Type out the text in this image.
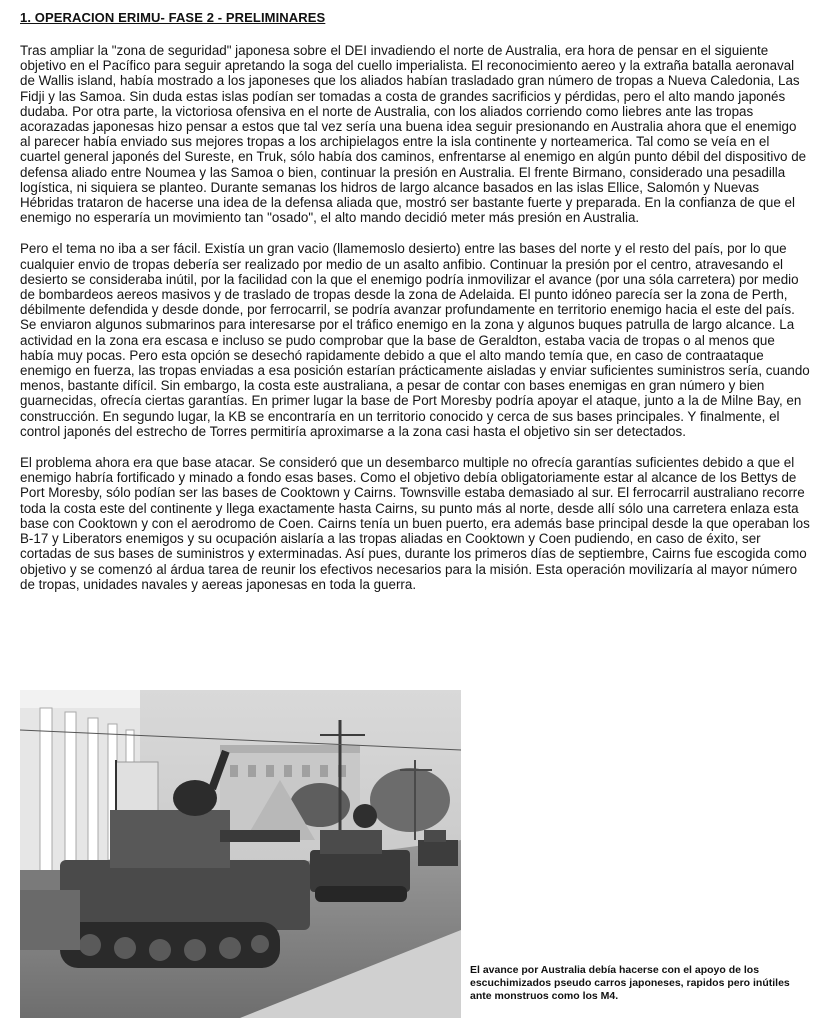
1. OPERACION ERIMU- FASE 2 - PRELIMINARES

Tras ampliar la "zona de seguridad" japonesa sobre el DEI invadiendo el norte de Australia, era hora de pensar en el siguiente objetivo en el Pacífico para seguir apretando la soga del cuello imperialista. El reconocimiento aereo y la extraña batalla aeronaval de Wallis island, había mostrado a los japoneses que los aliados habían trasladado gran número de tropas a Nueva Caledonia, Las Fidji y las Samoa. Sin duda estas islas podían ser tomadas a costa de grandes sacrificios y pérdidas, pero el alto mando japonés dudaba. Por otra parte, la victoriosa ofensiva en el norte de Australia, con los aliados corriendo como liebres ante las tropas acorazadas japonesas hizo pensar a estos que tal vez sería una buena idea seguir presionando en Australia ahora que el enemigo al parecer había enviado sus mejores tropas a los archipielagos entre la isla continente y norteamerica. Tal como se veía en el cuartel general japonés del Sureste, en Truk, sólo había dos caminos, enfrentarse al enemigo en algún punto débil del dispositivo de defensa aliado entre Noumea y las Samoa o bien, continuar la presión en Australia. El frente Birmano, considerado una pesadilla logística, ni siquiera se planteo. Durante semanas los hidros de largo alcance basados en las islas Ellice, Salomón y Nuevas Hébridas trataron de hacerse una idea de la defensa aliada que, mostró ser bastante fuerte y preparada. En la confianza de que el enemigo no esperaría un movimiento tan "osado", el alto mando decidió meter más presión en Australia.

Pero el tema no iba a ser fácil. Existía un gran vacio (llamemoslo desierto) entre las bases del norte y el resto del país, por lo que cualquier envio de tropas debería ser realizado por medio de un asalto anfibio. Continuar la presión por el centro, atravesando el desierto se consideraba inútil, por la facilidad con la que el enemigo podría inmovilizar el avance (por una sóla carretera) por medio de bombardeos aereos masivos y de traslado de tropas desde la zona de Adelaida. El punto idóneo parecía ser la zona de Perth, débilmente defendida y desde donde, por ferrocarril, se podría avanzar profundamente en territorio enemigo hacia el este del país. Se enviaron algunos submarinos para interesarse por el tráfico enemigo en la zona y algunos buques patrulla de largo alcance. La actividad en la zona era escasa e incluso se pudo comprobar que la base de Geraldton, estaba vacia de tropas o al menos que había muy pocas. Pero esta opción se desechó rapidamente debido a que el alto mando temía que, en caso de contraataque enemigo en fuerza, las tropas enviadas a esa posición estarían prácticamente aisladas y enviar suficientes suministros sería, cuando menos, bastante difícil. Sin embargo, la costa este australiana, a pesar de contar con bases enemigas en gran número y bien guarnecidas, ofrecía ciertas garantías. En primer lugar la base de Port Moresby podría apoyar el ataque, junto a la de Milne Bay, en construcción. En segundo lugar, la KB se encontraría en un territorio conocido y cerca de sus bases principales. Y finalmente, el control japonés del estrecho de Torres permitiría aproximarse a la zona casi hasta el objetivo sin ser detectados.

El problema ahora era que base atacar. Se consideró que un desembarco multiple no ofrecía garantías suficientes debido a que el enemigo habría fortificado y minado a fondo esas bases. Como el objetivo debía obligatoriamente estar al alcance de los Bettys de Port Moresby, sólo podían ser las bases de Cooktown y Cairns. Townsville estaba demasiado al sur. El ferrocarril australiano recorre toda la costa este del continente y llega exactamente hasta Cairns, su punto más al norte, desde allí sólo una carretera enlaza esta base con Cooktown y con el aerodromo de Coen. Cairns tenía un buen puerto, era además base principal desde la que operaban los B-17 y Liberators enemigos y su ocupación aislaría a las tropas aliadas en Cooktown y Coen pudiendo, en caso de éxito, ser cortadas de sus bases de suministros y exterminadas. Así pues, durante los primeros días de septiembre, Cairns fue escogida como objetivo y se comenzó al árdua tarea de reunir los efectivos necesarios para la misión. Esta operación movilizaría al mayor número de tropas, unidades navales y aereas japonesas en toda la guerra.

El avance por Australia debía hacerse con el apoyo de los escuchimizados pseudo carros japoneses, rapidos pero inútiles ante monstruos como los M4.
